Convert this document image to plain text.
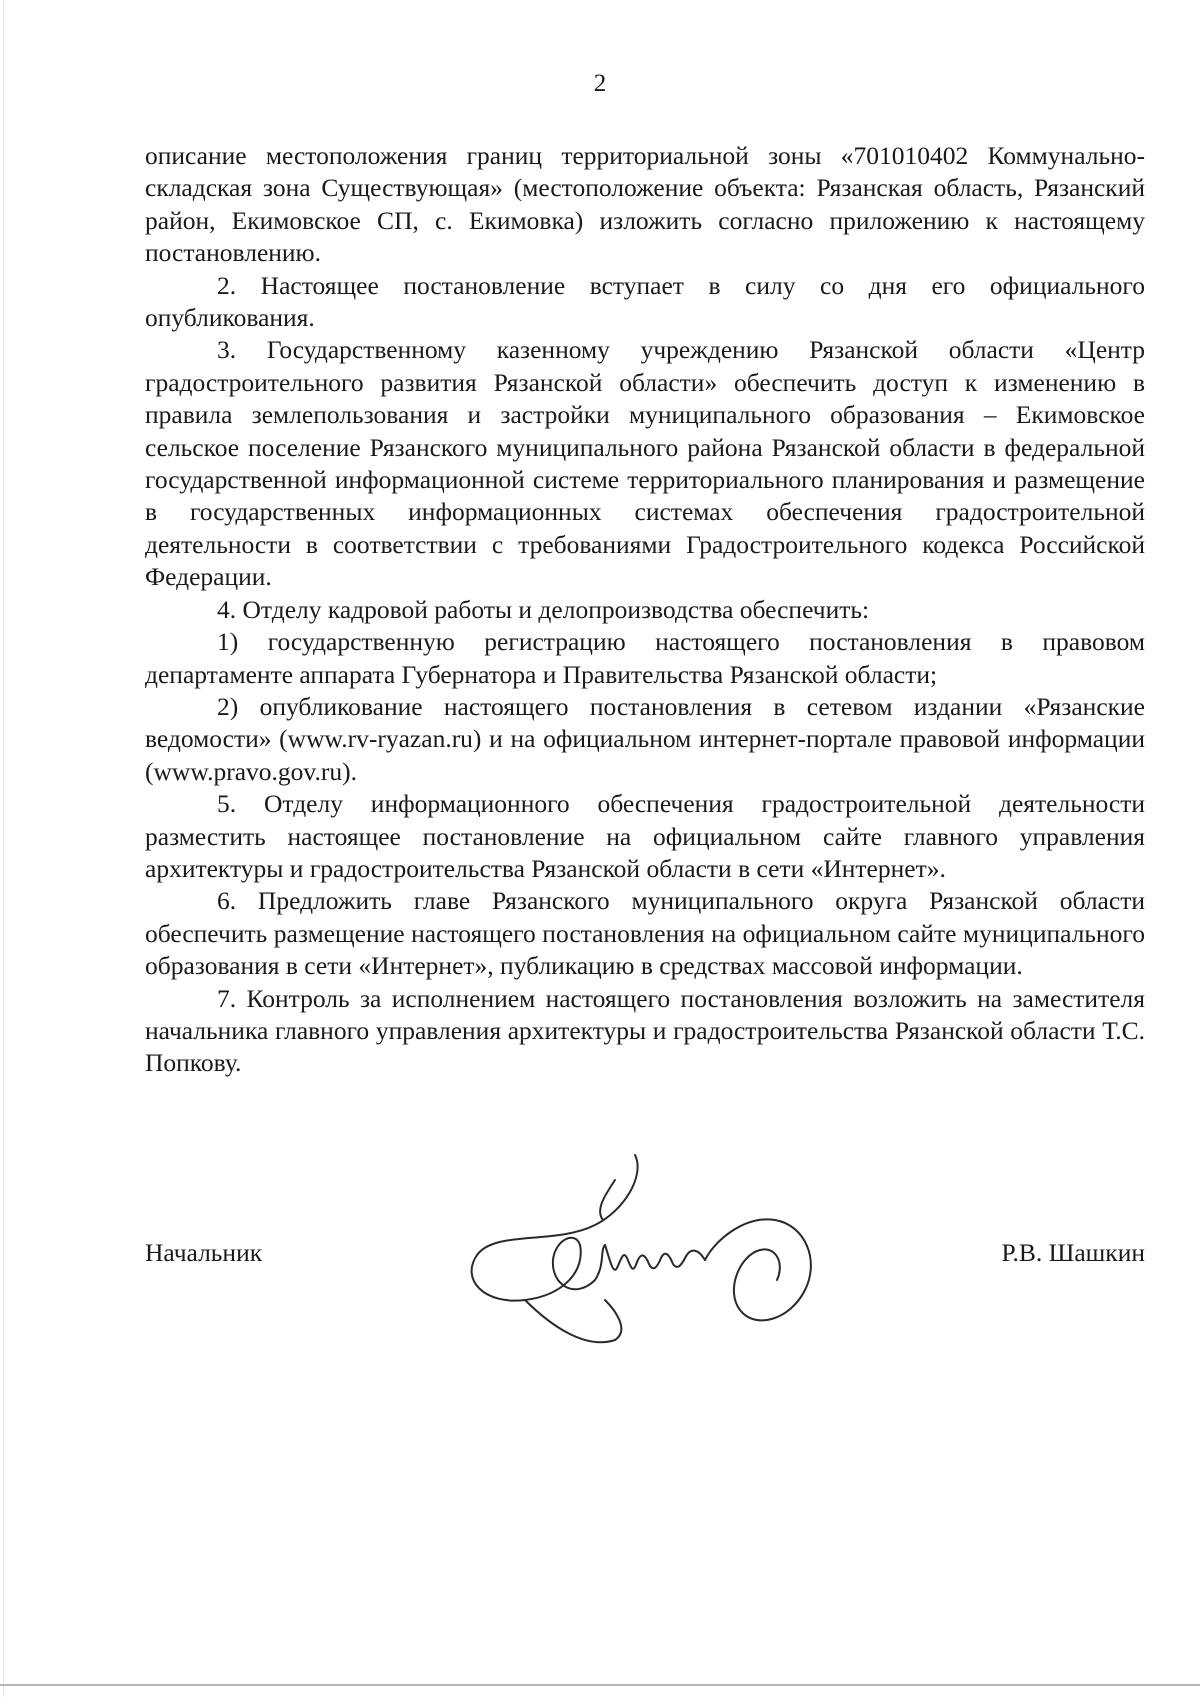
2

описание местоположения границ территориальной зоны «701010402 Коммунально-складская зона Существующая» (местоположение объекта: Рязанская область, Рязанский район, Екимовское СП, с. Екимовка) изложить согласно приложению к настоящему постановлению.

2. Настоящее постановление вступает в силу со дня его официального опубликования.

3. Государственному казенному учреждению Рязанской области «Центр градостроительного развития Рязанской области» обеспечить доступ к изменению в правила землепользования и застройки муниципального образования – Екимовское сельское поселение Рязанского муниципального района Рязанской области в федеральной государственной информационной системе территориального планирования и размещение в государственных информационных системах обеспечения градостроительной деятельности в соответствии с требованиями Градостроительного кодекса Российской Федерации.

4. Отделу кадровой работы и делопроизводства обеспечить:

1) государственную регистрацию настоящего постановления в правовом департаменте аппарата Губернатора и Правительства Рязанской области;

2) опубликование настоящего постановления в сетевом издании «Рязанские ведомости» (www.rv-ryazan.ru) и на официальном интернет-портале правовой информации (www.pravo.gov.ru).

5. Отделу информационного обеспечения градостроительной деятельности разместить настоящее постановление на официальном сайте главного управления архитектуры и градостроительства Рязанской области в сети «Интернет».

6. Предложить главе Рязанского муниципального округа Рязанской области обеспечить размещение настоящего постановления на официальном сайте муниципального образования в сети «Интернет», публикацию в средствах массовой информации.

7. Контроль за исполнением настоящего постановления возложить на заместителя начальника главного управления архитектуры и градостроительства Рязанской области Т.С. Попкову.

Начальник	Р.В. Шашкин
